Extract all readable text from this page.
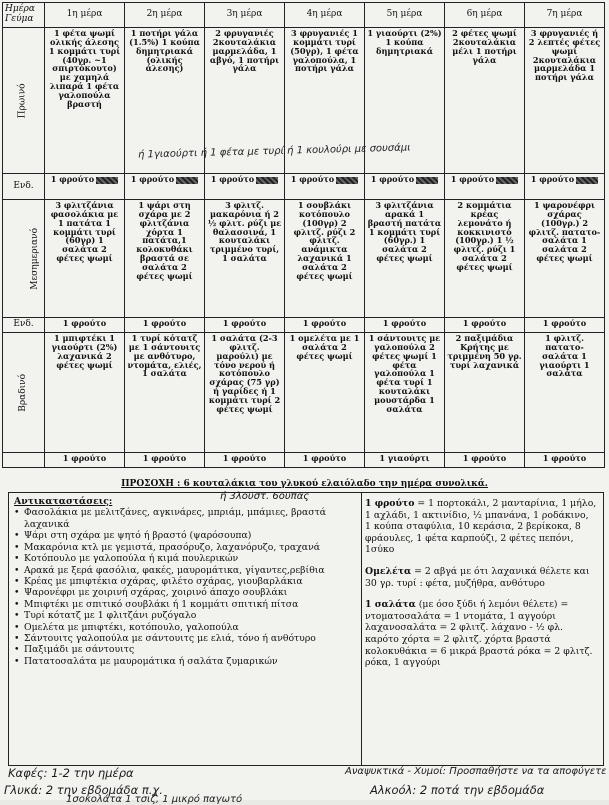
Ημέρα
Γεύμα	1η μέρα	2η μέρα	3η μέρα	4η μέρα	5η μέρα	6η μέρα	7η μέρα
Πρωινό	1 φέτα ψωμί ολικής άλεσης 1 κομμάτι τυρί (40γρ. ~1 σπιρτόκουτο) με χαμηλά λιπαρά 1 φέτα γαλοπούλα βραστή	1 ποτήρι γάλα (1.5%) 1 κούπα δημητριακά (ολικής άλεσης)	2 φρυγανιές 2κουταλάκια μαρμελάδα, 1 αβγό, 1 ποτήρι γάλα	3 φρυγανιές 1 κομμάτι τυρί (50γρ), 1 φέτα γαλοπούλα, 1 ποτήρι γάλα	1 γιαούρτι (2%) 1 κούπα δημητριακά	2 φέτες ψωμί 2κουταλάκια μέλι 1 ποτήρι γάλα	3 φρυγανιές ή 2 λεπτές φέτες ψωμί 2κουταλάκια μαρμελάδα 1 ποτήρι γάλα
Ενδ.	1 φρούτο	1 φρούτο	1 φρούτο	1 φρούτο	1 φρούτο	1 φρούτο	1 φρούτο
Μεσημεριανό	3 φλιτζάνια φασολάκια με 1 πατάτα 1 κομμάτι τυρί (60γρ) 1 σαλάτα 2 φέτες ψωμί	1 ψάρι στη σχάρα με 2 φλιτζάνια χόρτα 1 πατάτα,1 κολοκυθάκι βραστά σε σαλάτα 2 φέτες ψωμί	3 φλιτζ. μακαρόνια ή 2 ½ φλιτ. ρύζι με θαλασσινά, 1 κουταλάκι τριμμένο τυρί, 1 σαλάτα	1 σουβλάκι κοτόπουλο (100γρ) 2 φλιτζ. ρύζι 2 φλιτζ. ανάμικτα λαχανικά 1 σαλάτα 2 φέτες ψωμί	3 φλιτζάνια αρακά 1 βραστή πατάτα 1 κομμάτι τυρί (60γρ.) 1 σαλάτα 2 φέτες ψωμί	2 κομμάτια κρέας λεμονάτο ή κοκκινιστό (100γρ.) 1 ½ φλιτζ. ρύζι 1 σαλάτα 2 φέτες ψωμί	1 ψαρονέφρι σχάρας (100γρ.) 2 φλιτζ. πατατο- σαλάτα 1 σαλάτα 2 φέτες ψωμί
Ενδ.	1 φρούτο	1 φρούτο	1 φρούτο	1 φρούτο	1 φρούτο	1 φρούτο	1 φρούτο
Βραδινό	1 μπιφτέκι 1 γιαούρτι (2%) λαχανικά 2 φέτες ψωμί	1 τυρί κότατζ με 1 σάντουιτς με ανθότυρο, ντομάτα, ελιές, 1 σαλάτα	1 σαλάτα (2-3 φλιτζ. μαρούλι) με τόνο νερού ή κοτόπουλο σχάρας (75 γρ) ή γαρίδες ή 1 κομμάτι τυρί 2 φέτες ψωμί	1 ομελέτα με 1 σαλάτα 2 φέτες ψωμί	1 σάντουιτς με γαλοπούλα 2 φέτες ψωμί 1 φέτα γαλοπούλα 1 φέτα τυρί 1 κουταλάκι μουστάρδα 1 σαλάτα	2 παξιμάδια Κρήτης με τριμμένη 50 γρ. τυρί λαχανικά	1 φλιτζ. πατατο- σαλάτα 1 γιαούρτι 1 σαλάτα
	1 φρούτο	1 φρούτο	1 φρούτο	1 φρούτο	1 γιαούρτι	1 φρούτο	1 φρούτο
ή 1γιαούρτι ή 1 φέτα με τυρί ή 1 κουλούρι με σουσάμι
ΠΡΟΣΟΧΗ : 6 κουταλάκια του γλυκού ελαιόλαδο την ημέρα συνολικά.
Αντικαταστάσεις:
• Φασολάκια με μελιτζάνες, αγκινάρες, μπριάμ, μπάμιες, βραστά λαχανικά
• Ψάρι στη σχάρα με ψητό ή βραστό (ψαρόσουπα)
• Μακαρόνια κτλ με γεμιστά, πρασόρυζο, λαχανόρυζο, τραχανά
• Κοτόπουλο με γαλοπούλα ή κιμά πουλερικών
• Αρακά με ξερά φασόλια, φακές, μαυρομάτικα, γίγαντες,ρεβίθια
• Κρέας με μπιφτέκια σχάρας, φιλέτο σχάρας, γιουβαρλάκια
• Ψαρονέφρι με χοιρινή σχάρας, χοιρινό άπαχο σουβλάκι
• Μπιφτέκι με σπιτικό σουβλάκι ή 1 κομμάτι σπιτική πίτσα
• Τυρί κότατζ με 1 φλιτζάνι ρυζόγαλο
• Ομελέτα με μπιφτέκι, κοτόπουλο, γαλοπούλα
• Σάντουιτς γαλοπούλα με σάντουιτς με ελιά, τόνο ή ανθότυρο
• Παξιμάδι με σάντουιτς
• Πατατοσαλάτα με μαυρομάτικα ή σαλάτα ζυμαρικών
ή 3λουστ. 6ουπας

1 φρούτο = 1 πορτοκάλι, 2 μανταρίνια, 1 μήλο, 1 αχλάδι, 1 ακτινίδιο, ½ μπανάνα, 1 ροδάκινο, 1 κούπα σταφύλια, 10 κεράσια, 2 βερίκοκα, 8 φράουλες, 1 φέτα καρπούζι, 2 φέτες πεπόνι, 1σύκο

Ομελέτα = 2 αβγά με ότι λαχανικά θέλετε και 30 γρ. τυρί : φέτα, μυζήθρα, ανθότυρο

1 σαλάτα (με όσο ξύδι ή λεμόνι θέλετε) = ντοματοσαλάτα = 1 ντομάτα, 1 αγγούρι λαχανοσαλάτα = 2 φλιτζ. λάχανο - ½ φλ. καρότο χόρτα = 2 φλιτζ. χόρτα βραστά κολοκυθάκια = 6 μικρά βραστά ρόκα = 2 φλιτζ. ρόκα, 1 αγγούρι

Καφές: 1-2 την ημέρα
Γλυκά: 2 την εβδομάδα π.χ.
1σοκολάτα 1 τσιζ, 1 μικρό παγωτό
Αναψυκτικά - Χυμοί: Προσπαθήστε να τα αποφύγετε
Αλκοόλ: 2 ποτά την εβδομάδα
